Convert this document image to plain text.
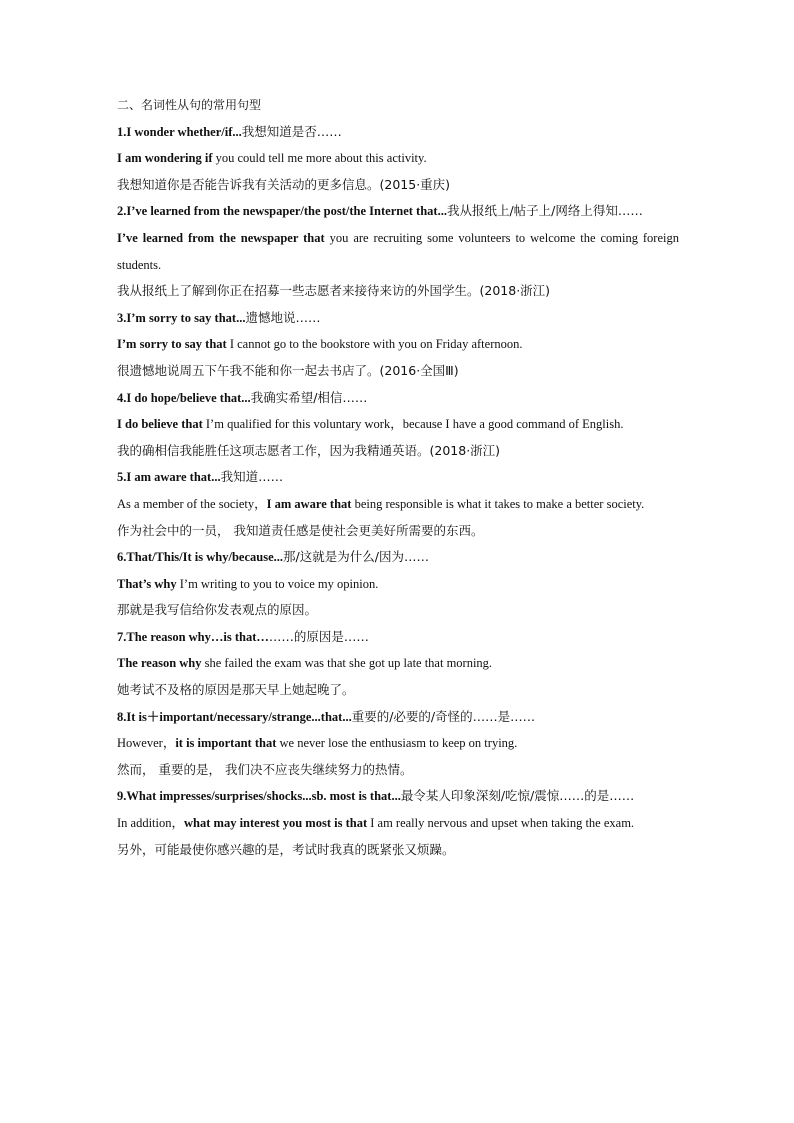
二、名词性从句的常用句型
1.I wonder whether/if...我想知道是否……
I am wondering if you could tell me more about this activity.
我想知道你是否能告诉我有关活动的更多信息。(2015·重庆)
2.I’ve learned from the newspaper/the post/the Internet that...我从报纸上/帖子上/网络上得知……
I’ve learned from the newspaper that you are recruiting some volunteers to welcome the coming foreign students.
我从报纸上了解到你正在招募一些志愿者来接待来访的外国学生。(2018·浙江)
3.I’m sorry to say that...遗憾地说……
I’m sorry to say that I cannot go to the bookstore with you on Friday afternoon.
很遗憾地说周五下午我不能和你一起去书店了。(2016·全国Ⅲ)
4.I do hope/believe that...我确实希望/相信……
I do believe that I’m qualified for this voluntary work，because I have a good command of English.
我的确相信我能胜任这项志愿者工作，因为我精通英语。(2018·浙江)
5.I am aware that...我知道……
As a member of the society，I am aware that being responsible is what it takes to make a better society.
作为社会中的一员， 我知道责任感是使社会更美好所需要的东西。
6.That/This/It is why/because...那/这就是为什么/因为……
That’s why I’m writing to you to voice my opinion.
那就是我写信给你发表观点的原因。
7.The reason why…is that………的原因是……
The reason why she failed the exam was that she got up late that morning.
她考试不及格的原因是那天早上她起晚了。
8.It is＋important/necessary/strange...that...重要的/必要的/奇怪的……是……
However，it is important that we never lose the enthusiasm to keep on trying.
然而， 重要的是， 我们决不应丧失继续努力的热情。
9.What impresses/surprises/shocks...sb. most is that...最令某人印象深刻/吃惊/震惊……的是……
In addition，what may interest you most is that I am really nervous and upset when taking the exam.
另外，可能最使你感兴趣的是，考试时我真的既紧张又烦躁。
